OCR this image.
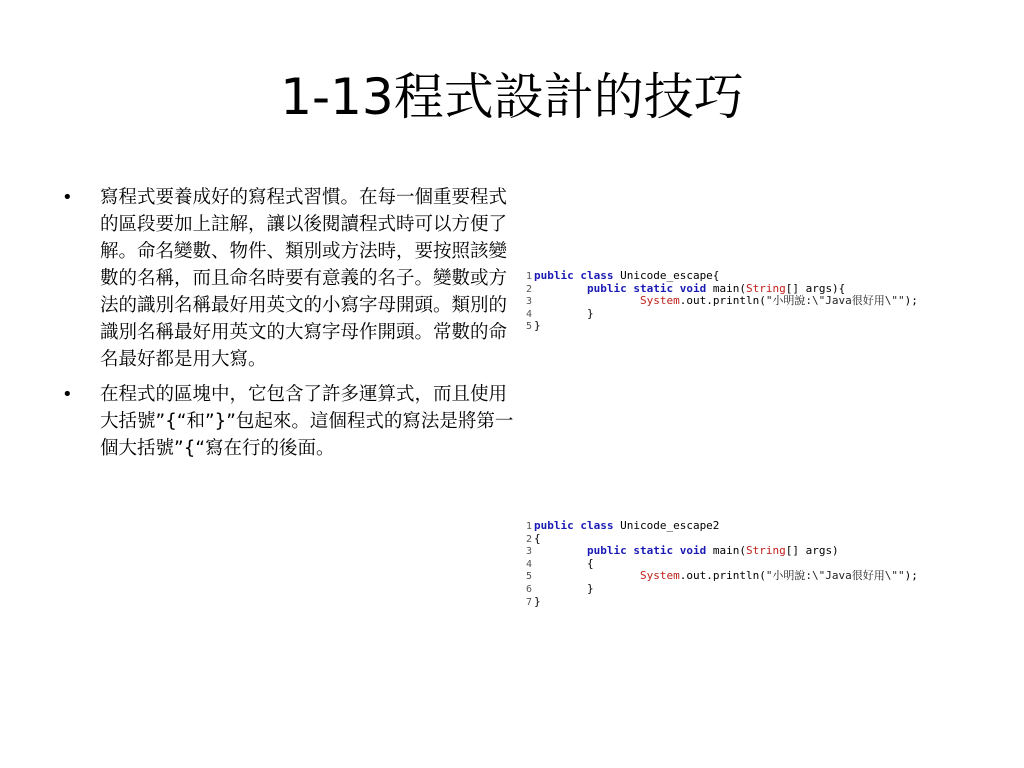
1-13程式設計的技巧
• 寫程式要養成好的寫程式習慣。在每一個重要程式的區段要加上註解，讓以後閱讀程式時可以方便了解。命名變數、物件、類別或方法時，要按照該變數的名稱，而且命名時要有意義的名子。變數或方法的識別名稱最好用英文的小寫字母開頭。類別的識別名稱最好用英文的大寫字母作開頭。常數的命名最好都是用大寫。
• 在程式的區塊中，它包含了許多運算式，而且使用大括號”{“和”}”包起來。這個程式的寫法是將第一個大括號”{“寫在行的後面。
1 public class Unicode_escape{
2	public static void main(String[] args){
3	System.out.println("小明說:\"Java很好用\"");
4        }
5 }
1 public class Unicode_escape2
2 {
3	public static void main(String[] args)
4        {
5	System.out.println("小明說:\"Java很好用\"");
6        }
7 }
